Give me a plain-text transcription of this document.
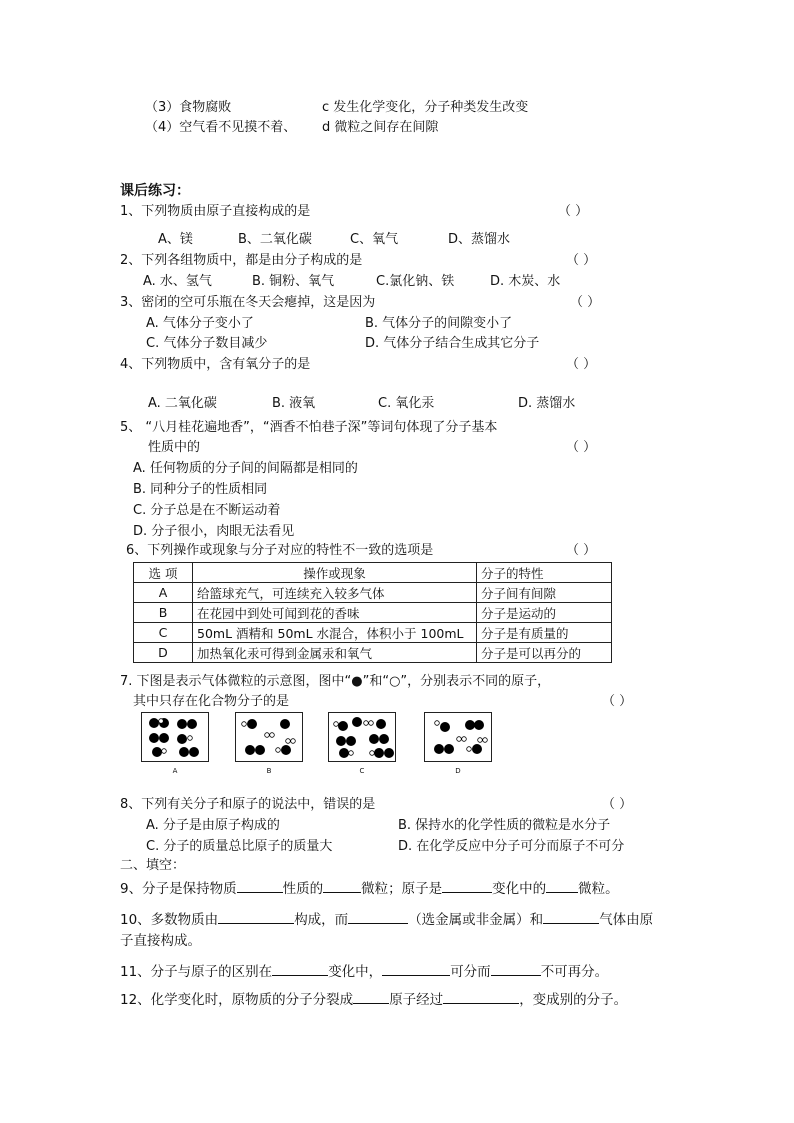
（3）食物腐败	c 发生化学变化，分子种类发生改变
（4）空气看不见摸不着、 d 微粒之间存在间隙
课后练习：
1、下列物质由原子直接构成的是	（ ）
A、镁	B、二氧化碳	C、氧气	D、蒸馏水
2、下列各组物质中，都是由分子构成的是	（ ）
A. 水、氢气	B. 铜粉、氧气	C.氯化钠、铁	D. 木炭、水
3、密闭的空可乐瓶在冬天会瘪掉，这是因为	（ ）
A. 气体分子变小了	B. 气体分子的间隙变小了
C. 气体分子数目减少	D. 气体分子结合生成其它分子
4、下列物质中，含有氧分子的是	（ ）
A. 二氧化碳	B. 液氧	C. 氧化汞	D. 蒸馏水
5、 “八月桂花遍地香”，“酒香不怕巷子深”等词句体现了分子基本
性质中的	（ ）
A. 任何物质的分子间的间隔都是相同的
B. 同种分子的性质相同
C. 分子总是在不断运动着
D. 分子很小，肉眼无法看见
6、下列操作或现象与分子对应的特性不一致的选项是	（ ）
选 项	操作或现象	分子的特性
A	给篮球充气，可连续充入较多气体	分子间有间隙
B	在花园中到处可闻到花的香味	分子是运动的
C	50mL 酒精和 50mL 水混合，体积小于 100mL	分子是有质量的
D	加热氧化汞可得到金属汞和氧气	分子是可以再分的
7. 下图是表示气体微粒的示意图，图中“●”和“○”，分别表示不同的原子，
其中只存在化合物分子的是	（ ）
A	B	C	D
8、下列有关分子和原子的说法中，错误的是	（ ）
A. 分子是由原子构成的	B. 保持水的化学性质的微粒是水分子
C. 分子的质量总比原子的质量大	D. 在化学反应中分子可分而原子不可分
二、填空：
9、分子是保持物质	性质的	微粒；原子是	变化中的 微粒。
10、多数物质由	构成，而	（选金属或非金属）和	气体由原
子直接构成。
11、分子与原子的区别在	变化中，	可分而	不可再分。
12、化学变化时，原物质的分子分裂成	原子经过	，变成别的分子。
